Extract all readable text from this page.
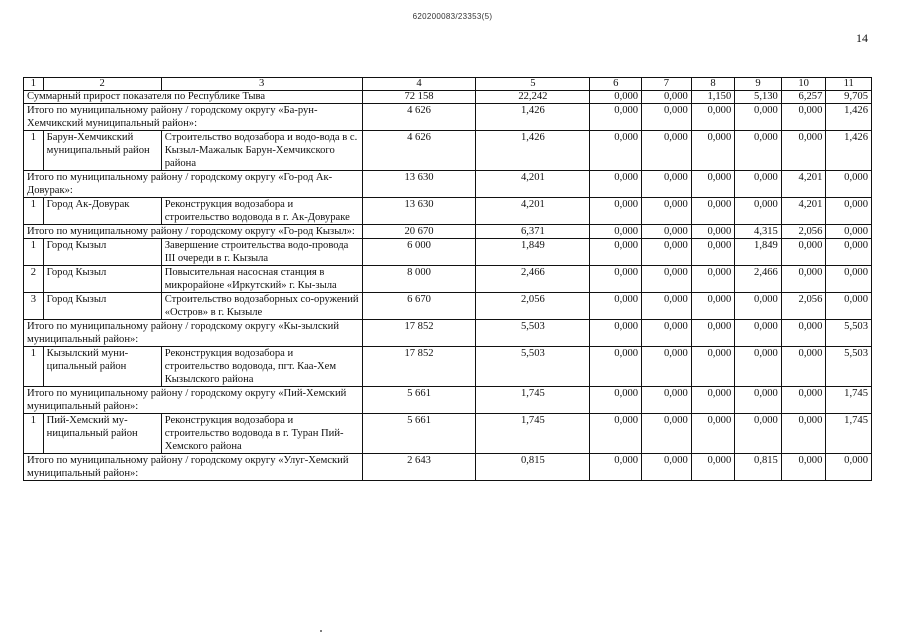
620200083/23353(5)
14
1	2	3	4	5	6	7	8	9	10	11
Суммарный прирост показателя по Республике Тыва			72 158	22,242	0,000	0,000	1,150	5,130	6,257	9,705
Итого по муниципальному району / городскому округу «Ба-рун-Хемчикский муниципальный район»:			4 626	1,426	0,000	0,000	0,000	0,000	0,000	1,426
1	Барун-Хемчикский муниципальный район	Строительство водозабора и водо-вода в с. Кызыл-Мажалык Барун-Хемчикского района	4 626	1,426	0,000	0,000	0,000	0,000	0,000	1,426
Итого по муниципальному району / городскому округу «Го-род Ак-Довурак»:			13 630	4,201	0,000	0,000	0,000	0,000	4,201	0,000
1	Город Ак-Довурак	Реконструкция водозабора и строительство водовода в г. Ак-Довураке	13 630	4,201	0,000	0,000	0,000	0,000	4,201	0,000
Итого по муниципальному району / городскому округу «Го-род Кызыл»:			20 670	6,371	0,000	0,000	0,000	4,315	2,056	0,000
1	Город Кызыл	Завершение строительства водо-провода III очереди в г. Кызыла	6 000	1,849	0,000	0,000	0,000	1,849	0,000	0,000
2	Город Кызыл	Повысительная насосная станция в микрорайоне «Иркутский» г. Кы-зыла	8 000	2,466	0,000	0,000	0,000	2,466	0,000	0,000
3	Город Кызыл	Строительство водозаборных со-оружений «Остров» в г. Кызыле	6 670	2,056	0,000	0,000	0,000	0,000	2,056	0,000
Итого по муниципальному району / городскому округу «Кы-зылский муниципальный район»:			17 852	5,503	0,000	0,000	0,000	0,000	0,000	5,503
1	Кызылский муни-ципальный район	Реконструкция водозабора и строительство водовода, пгт. Каа-Хем Кызылского района	17 852	5,503	0,000	0,000	0,000	0,000	0,000	5,503
Итого по муниципальному району / городскому округу «Пий-Хемский муниципальный район»:			5 661	1,745	0,000	0,000	0,000	0,000	0,000	1,745
1	Пий-Хемский му-ниципальный район	Реконструкция водозабора и строительство водовода в г. Туран Пий-Хемского района	5 661	1,745	0,000	0,000	0,000	0,000	0,000	1,745
Итого по муниципальному району / городскому округу «Улуг-Хемский муниципальный район»:			2 643	0,815	0,000	0,000	0,000	0,815	0,000	0,000
